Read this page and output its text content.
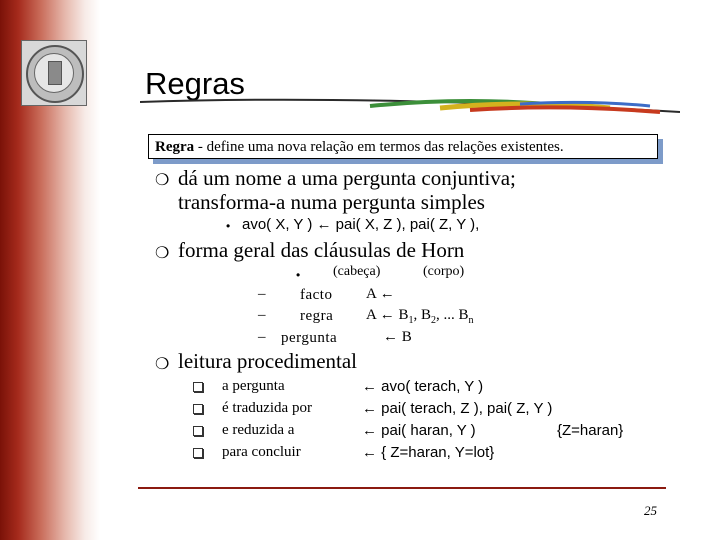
Regras
Regra - define uma nova relação em termos das relações existentes.
❍ dá um nome a uma pergunta conjuntiva;
transforma-a numa pergunta simples
• avo( X, Y ) ← pai( X, Z ), pai( Z, Y ),
❍ forma geral das cláusulas de Horn
• (cabeça)	(corpo)
– facto A ←
– regra A ← $B_1$, $B_2$, ... $B_n$
– pergunta	← B
❍ leitura procedimental
a pergunta	← avo( terach, Y )
é traduzida por	← pai( terach, Z ), pai( Z, Y )
e reduzida a	← pai( haran, Y )	{Z=haran}
para concluir	← { Z=haran, Y=lot}
25
